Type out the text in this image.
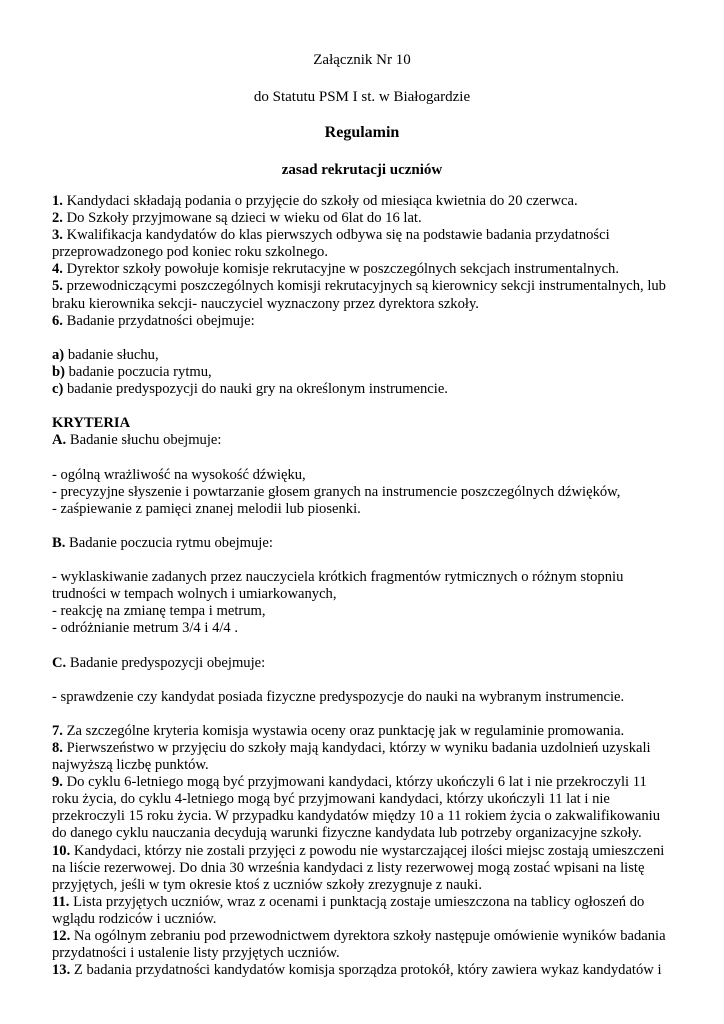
Załącznik Nr 10
do Statutu PSM I st. w Białogardzie
Regulamin
zasad rekrutacji uczniów
1. Kandydaci składają podania o przyjęcie do szkoły od miesiąca kwietnia do 20 czerwca.
2. Do Szkoły przyjmowane są dzieci w wieku od 6lat do 16 lat.
3. Kwalifikacja kandydatów do klas pierwszych odbywa się na podstawie badania przydatności
przeprowadzonego pod koniec roku szkolnego.
4. Dyrektor szkoły powołuje komisje rekrutacyjne w poszczególnych sekcjach instrumentalnych.
5. przewodniczącymi poszczególnych komisji rekrutacyjnych są kierownicy sekcji instrumentalnych, lub
braku kierownika sekcji- nauczyciel wyznaczony przez dyrektora szkoły.
6. Badanie przydatności obejmuje:
a) badanie słuchu,
b) badanie poczucia rytmu,
c) badanie predyspozycji do nauki gry na określonym instrumencie.
KRYTERIA
A. Badanie słuchu obejmuje:
- ogólną wrażliwość na wysokość dźwięku,
- precyzyjne słyszenie i powtarzanie głosem granych na instrumencie poszczególnych dźwięków,
- zaśpiewanie z pamięci znanej melodii lub piosenki.
B. Badanie poczucia rytmu obejmuje:
- wyklaskiwanie zadanych przez nauczyciela krótkich fragmentów rytmicznych o różnym stopniu
trudności w tempach wolnych i umiarkowanych,
- reakcję na zmianę tempa i metrum,
- odróżnianie metrum 3/4 i 4/4 .
C. Badanie predyspozycji obejmuje:
- sprawdzenie czy kandydat posiada fizyczne predyspozycje do nauki na wybranym instrumencie.
7. Za szczególne kryteria komisja wystawia oceny oraz punktację jak w regulaminie promowania.
8. Pierwszeństwo w przyjęciu do szkoły mają kandydaci, którzy w wyniku badania uzdolnień uzyskali
najwyższą liczbę punktów.
9. Do cyklu 6-letniego mogą być przyjmowani kandydaci, którzy ukończyli 6 lat i nie przekroczyli 11
roku życia, do cyklu 4-letniego mogą być przyjmowani kandydaci, którzy ukończyli 11 lat i nie
przekroczyli 15 roku życia. W przypadku kandydatów między 10 a 11 rokiem życia o zakwalifikowaniu
do danego cyklu nauczania decydują warunki fizyczne kandydata lub potrzeby organizacyjne szkoły.
10. Kandydaci, którzy nie zostali przyjęci z powodu nie wystarczającej ilości miejsc zostają umieszczeni
na liście rezerwowej. Do dnia 30 września kandydaci z listy rezerwowej mogą zostać wpisani na listę
przyjętych, jeśli w tym okresie ktoś z uczniów szkoły zrezygnuje z nauki.
11. Lista przyjętych uczniów, wraz z ocenami i punktacją zostaje umieszczona na tablicy ogłoszeń do
wglądu rodziców i uczniów.
12. Na ogólnym zebraniu pod przewodnictwem dyrektora szkoły następuje omówienie wyników badania
przydatności i ustalenie listy przyjętych uczniów.
13. Z badania przydatności kandydatów komisja sporządza protokół, który zawiera wykaz kandydatów i
